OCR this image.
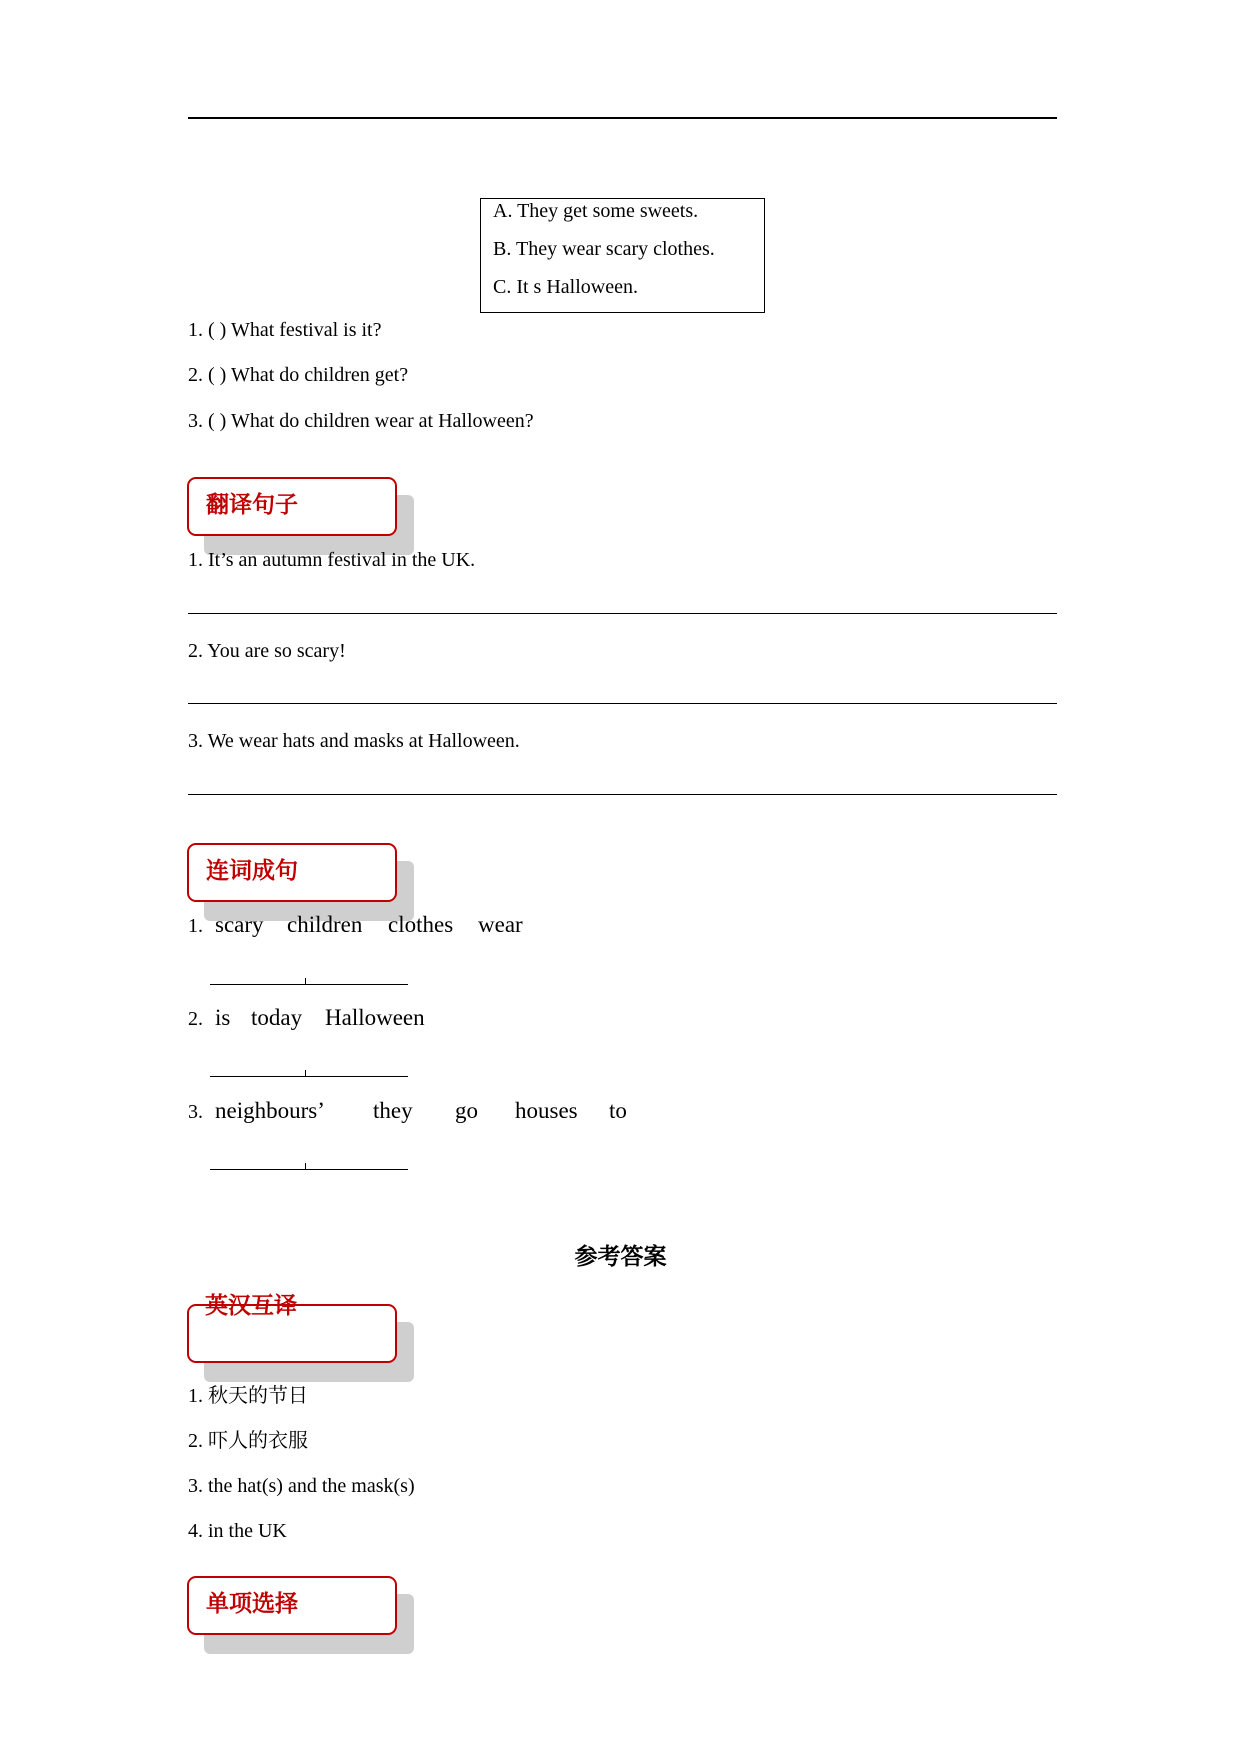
A. They get some sweets.
B. They wear scary clothes.
C. It s Halloween.
1. ( ) What festival is it?
2. ( ) What do children get?
3. ( ) What do children wear at Halloween?
翻译句子
1. It’s an autumn festival in the UK.
2. You are so scary!
3. We wear hats and masks at Halloween.
连词成句
1. scary children clothes wear
2. is today Halloween
3. neighbours’ they go houses to
参考答案
英汉互译
1. 秋天的节日
2. 吓人的衣服
3. the hat(s) and the mask(s)
4. in the UK
单项选择
